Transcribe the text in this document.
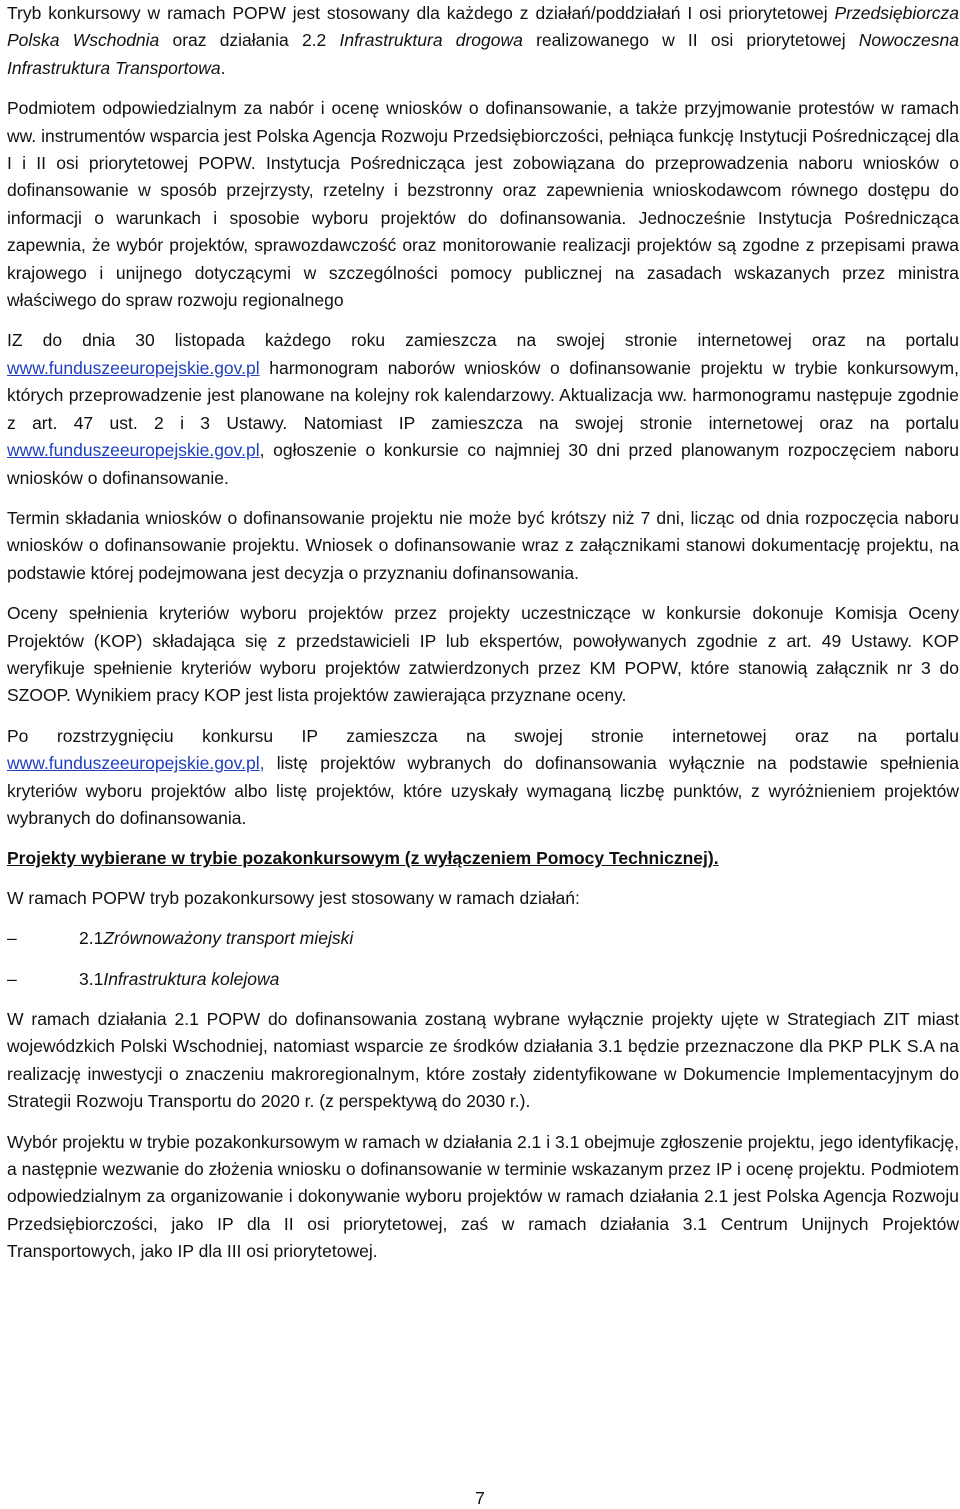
Tryb konkursowy w ramach POPW jest stosowany dla każdego z działań/poddziałań I osi priorytetowej Przedsiębiorcza Polska Wschodnia oraz działania 2.2 Infrastruktura drogowa realizowanego w II osi priorytetowej Nowoczesna Infrastruktura Transportowa.

Podmiotem odpowiedzialnym za nabór i ocenę wniosków o dofinansowanie, a także przyjmowanie protestów w ramach ww. instrumentów wsparcia jest Polska Agencja Rozwoju Przedsiębiorczości, pełniąca funkcję Instytucji Pośredniczącej dla I i II osi priorytetowej POPW. Instytucja Pośrednicząca jest zobowiązana do przeprowadzenia naboru wniosków o dofinansowanie w sposób przejrzysty, rzetelny i bezstronny oraz zapewnienia wnioskodawcom równego dostępu do informacji o warunkach i sposobie wyboru projektów do dofinansowania. Jednocześnie Instytucja Pośrednicząca zapewnia, że wybór projektów, sprawozdawczość oraz monitorowanie realizacji projektów są zgodne z przepisami prawa krajowego i unijnego dotyczącymi w szczególności pomocy publicznej na zasadach wskazanych przez ministra właściwego do spraw rozwoju regionalnego

IZ do dnia 30 listopada każdego roku zamieszcza na swojej stronie internetowej oraz na portalu www.funduszeeuropejskie.gov.pl harmonogram naborów wniosków o dofinansowanie projektu w trybie konkursowym, których przeprowadzenie jest planowane na kolejny rok kalendarzowy. Aktualizacja ww. harmonogramu następuje zgodnie z art. 47 ust. 2 i 3 Ustawy. Natomiast IP zamieszcza na swojej stronie internetowej oraz na portalu www.funduszeeuropejskie.gov.pl, ogłoszenie o konkursie co najmniej 30 dni przed planowanym rozpoczęciem naboru wniosków o dofinansowanie.

Termin składania wniosków o dofinansowanie projektu nie może być krótszy niż 7 dni, licząc od dnia rozpoczęcia naboru wniosków o dofinansowanie projektu. Wniosek o dofinansowanie wraz z załącznikami stanowi dokumentację projektu, na podstawie której podejmowana jest decyzja o przyznaniu dofinansowania.

Oceny spełnienia kryteriów wyboru projektów przez projekty uczestniczące w konkursie dokonuje Komisja Oceny Projektów (KOP) składająca się z przedstawicieli IP lub ekspertów, powoływanych zgodnie z art. 49 Ustawy. KOP weryfikuje spełnienie kryteriów wyboru projektów zatwierdzonych przez KM POPW, które stanowią załącznik nr 3 do SZOOP. Wynikiem pracy KOP jest lista projektów zawierająca przyznane oceny.

Po rozstrzygnięciu konkursu IP zamieszcza na swojej stronie internetowej oraz na portalu www.funduszeeuropejskie.gov.pl, listę projektów wybranych do dofinansowania wyłącznie na podstawie spełnienia kryteriów wyboru projektów albo listę projektów, które uzyskały wymaganą liczbę punktów, z wyróżnieniem projektów wybranych do dofinansowania.

Projekty wybierane w trybie pozakonkursowym (z wyłączeniem Pomocy Technicznej).

W ramach POPW tryb pozakonkursowy jest stosowany w ramach działań:

–
2.1 Zrównoważony transport miejski
–
3.1 Infrastruktura kolejowa

W ramach działania 2.1 POPW do dofinansowania zostaną wybrane wyłącznie projekty ujęte w Strategiach ZIT miast wojewódzkich Polski Wschodniej, natomiast wsparcie ze środków działania 3.1 będzie przeznaczone dla PKP PLK S.A na realizację inwestycji o znaczeniu makroregionalnym, które zostały zidentyfikowane w Dokumencie Implementacyjnym do Strategii Rozwoju Transportu do 2020 r. (z perspektywą do 2030 r.).

Wybór projektu w trybie pozakonkursowym w ramach w działania 2.1 i 3.1 obejmuje zgłoszenie projektu, jego identyfikację, a następnie wezwanie do złożenia wniosku o dofinansowanie w terminie wskazanym przez IP i ocenę projektu. Podmiotem odpowiedzialnym za organizowanie i dokonywanie wyboru projektów w ramach działania 2.1 jest Polska Agencja Rozwoju Przedsiębiorczości, jako IP dla II osi priorytetowej, zaś w ramach działania 3.1 Centrum Unijnych Projektów Transportowych, jako IP dla III osi priorytetowej.

7
